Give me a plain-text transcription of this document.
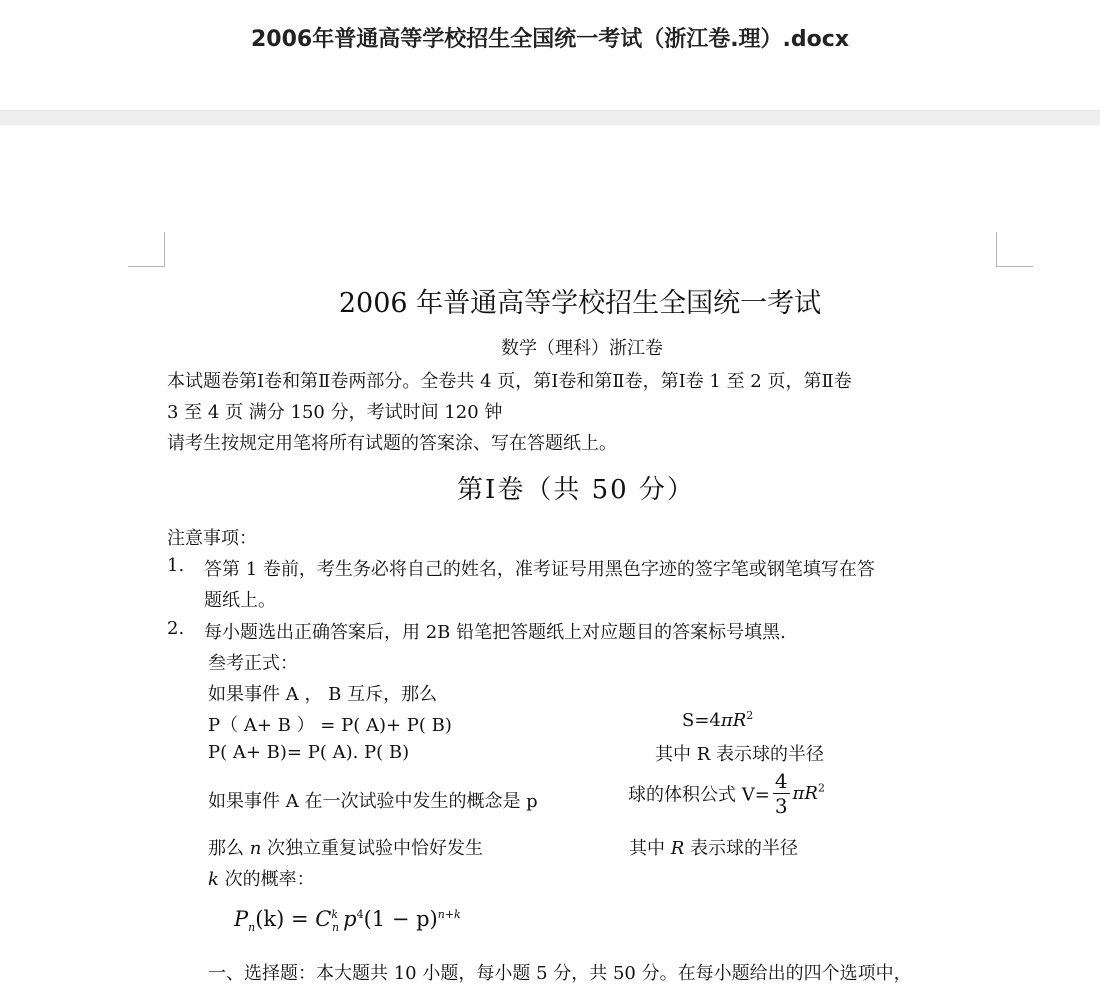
2006年普通高等学校招生全国统一考试（浙江卷.理）.docx
2006 年普通高等学校招生全国统一考试
数学（理科）浙江卷
本试题卷第Ⅰ卷和第Ⅱ卷两部分。全卷共 4 页，第Ⅰ卷和第Ⅱ卷，第Ⅰ卷 1 至 2 页，第Ⅱ卷
3 至 4 页 满分 150 分，考试时间 120 钟
请考生按规定用笔将所有试题的答案涂、写在答题纸上。
第Ⅰ卷（共 50 分）
注意事项：
1. 答第 1 卷前，考生务必将自己的姓名，准考证号用黑色字迹的签字笔或钢笔填写在答
题纸上。
2. 每小题选出正确答案后，用 2B 铅笔把答题纸上对应题目的答案标号填黑.
叁考正式：
如果事件 A ， B 互斥，那么
P（ A+ B ） = P( A)+ P( B)	$S=4\pi R^2$
P( A+ B)= P( A). P( B)	其中 R 表示球的半径
如果事件 A 在一次试验中发生的概念是 p	球的体积公式 $V= \frac{4}{3} \pi R^2$
那么 n 次独立重复试验中恰好发生	其中 R 表示球的半径
k 次的概率：
$P_n(k) = C^k_n$ $p^4(1 - p)^{n+k}$
一、选择题：本大题共 10 小题，每小题 5 分，共 50 分。在每小题给出的四个选项中，
